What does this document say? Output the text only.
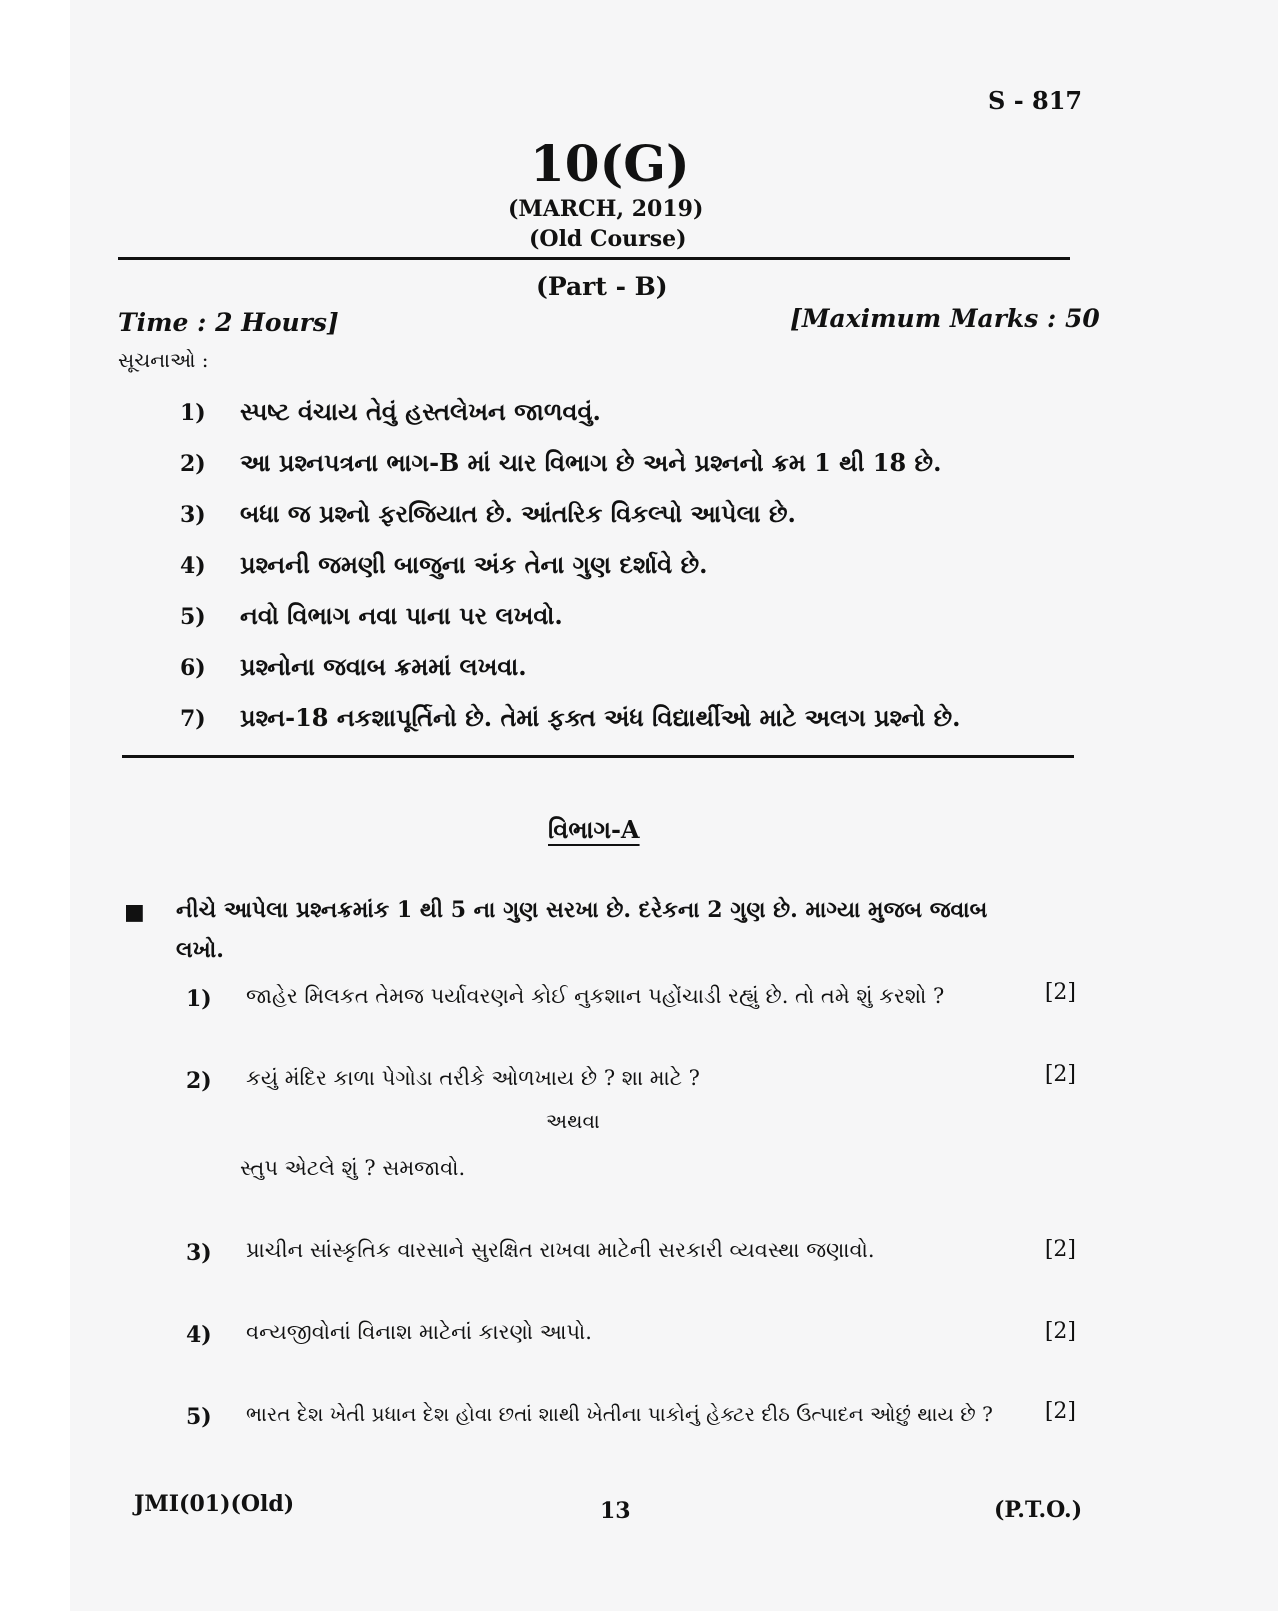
S - 817
10(G)
(MARCH, 2019)
(Old Course)
(Part - B)
Time : 2 Hours]	[Maximum Marks : 50
સૂચનાઓ :
1) સ્પષ્ટ વંચાય તેવું હસ્તલેખન જાળવવું.
2) આ પ્રશ્નપત્રના ભાગ-B માં ચાર વિભાગ છે અને પ્રશ્નનો ક્રમ 1 થી 18 છે.
3) બધા જ પ્રશ્નો ફરજિયાત છે. આંતરિક વિકલ્પો આપેલા છે.
4) પ્રશ્નની જમણી બાજુના અંક તેના ગુણ દર્શાવે છે.
5) નવો વિભાગ નવા પાના પર લખવો.
6) પ્રશ્નોના જવાબ ક્રમમાં લખવા.
7) પ્રશ્ન-18 નકશાપૂર્તિનો છે. તેમાં ફક્ત અંધ વિદ્યાર્થીઓ માટે અલગ પ્રશ્નો છે.
વિભાગ-A
■ નીચે આપેલા પ્રશ્નક્રમાંક 1 થી 5 ના ગુણ સરખા છે. દરેકના 2 ગુણ છે. માગ્યા મુજબ જવાબ
લખો.
1) જાહેર મિલકત તેમજ પર્યાવરણને કોઈ નુકશાન પહોંચાડી રહ્યું છે. તો તમે શું કરશો ?	[2]
2) કયું મંદિર કાળા પેગોડા તરીકે ઓળખાય છે ? શા માટે ?	[2]
અથવા
સ્તુપ એટલે શું ? સમજાવો.
3) પ્રાચીન સાંસ્કૃતિક વારસાને સુરક્ષિત રાખવા માટેની સરકારી વ્યવસ્થા જણાવો.	[2]
4) વન્યજીવોનાં વિનાશ માટેનાં કારણો આપો.	[2]
5) ભારત દેશ ખેતી પ્રધાન દેશ હોવા છતાં શાથી ખેતીના પાકોનું હેક્ટર દીઠ ઉત્પાદન ઓછું થાય છે ? [2]
JMI(01)(Old)	13	(P.T.O.)
